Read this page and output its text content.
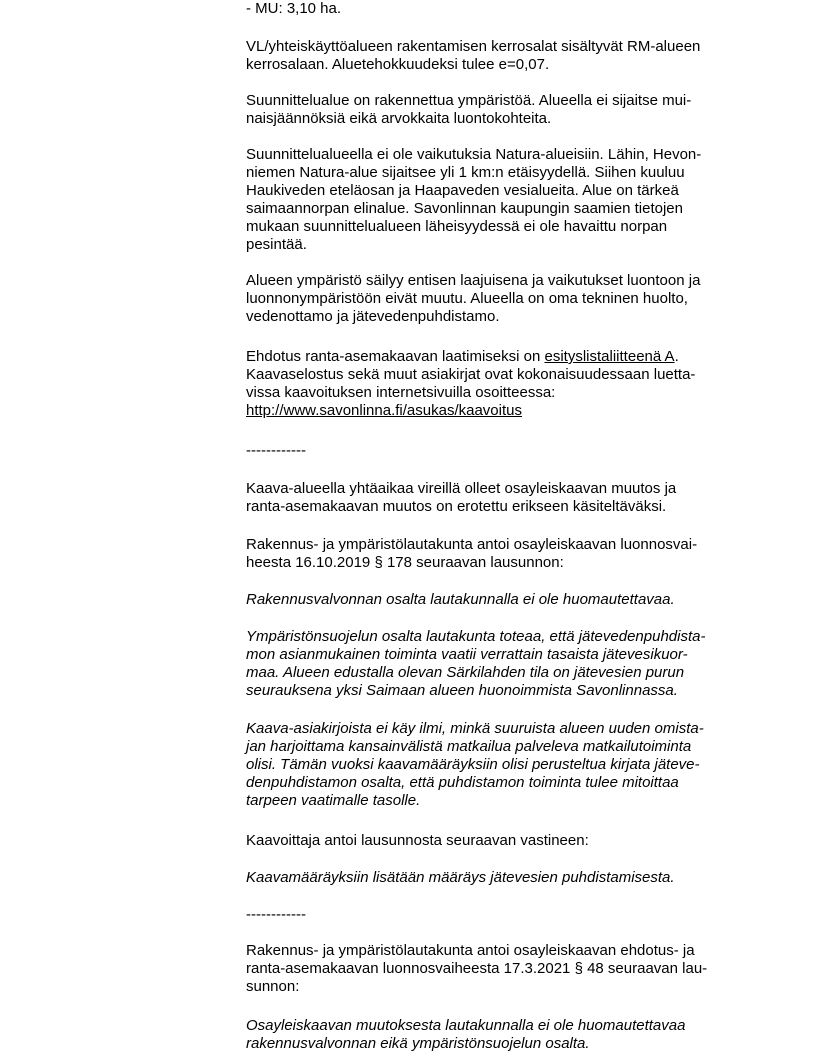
- MU: 3,10 ha.

VL/yhteiskäyttöalueen rakentamisen kerrosalat sisältyvät RM-alueen
kerrosalaan. Aluetehokkuudeksi tulee e=0,07.

Suunnittelualue on rakennettua ympäristöä. Alueella ei sijaitse mui-
naisjäännöksiä eikä arvokkaita luontokohteita.

Suunnittelualueella ei ole vaikutuksia Natura-alueisiin. Lähin, Hevon-
niemen Natura-alue sijaitsee yli 1 km:n etäisyydellä. Siihen kuuluu
Haukiveden eteläosan ja Haapaveden vesialueita. Alue on tärkeä
saimaannorpan elinalue. Savonlinnan kaupungin saamien tietojen
mukaan suunnittelualueen läheisyydessä ei ole havaittu norpan
pesintää.

Alueen ympäristö säilyy entisen laajuisena ja vaikutukset luontoon ja
luonnonympäristöön eivät muutu. Alueella on oma tekninen huolto,
vedenottamo ja jätevedenpuhdistamo.

Ehdotus ranta-asemakaavan laatimiseksi on esityslistaliitteenä A.
Kaavaselostus sekä muut asiakirjat ovat kokonaisuudessaan luetta-
vissa kaavoituksen internetsivuilla osoitteessa:
http://www.savonlinna.fi/asukas/kaavoitus

------------

Kaava-alueella yhtäaikaa vireillä olleet osayleiskaavan muutos ja
ranta-asemakaavan muutos on erotettu erikseen käsiteltäväksi.

Rakennus- ja ympäristölautakunta antoi osayleiskaavan luonnosvai-
heesta 16.10.2019 § 178 seuraavan lausunnon:

Rakennusvalvonnan osalta lautakunnalla ei ole huomautettavaa.

Ympäristönsuojelun osalta lautakunta toteaa, että jätevedenpuhdista-
mon asianmukainen toiminta vaatii verrattain tasaista jätevesikuor-
maa. Alueen edustalla olevan Särkilahden tila on jätevesien purun
seurauksena yksi Saimaan alueen huonoimmista Savonlinnassa.

Kaava-asiakirjoista ei käy ilmi, minkä suuruista alueen uuden omista-
jan harjoittama kansainvälistä matkailua palveleva matkailutoiminta
olisi. Tämän vuoksi kaavamääräyksiin olisi perusteltua kirjata jäteve-
denpuhdistamon osalta, että puhdistamon toiminta tulee mitoittaa
tarpeen vaatimalle tasolle.

Kaavoittaja antoi lausunnosta seuraavan vastineen:

Kaavamääräyksiin lisätään määräys jätevesien puhdistamisesta.

------------

Rakennus- ja ympäristölautakunta antoi osayleiskaavan ehdotus- ja
ranta-asemakaavan luonnosvaiheesta 17.3.2021 § 48 seuraavan lau-
sunnon:

Osayleiskaavan muutoksesta lautakunnalla ei ole huomautettavaa
rakennusvalvonnan eikä ympäristönsuojelun osalta.
